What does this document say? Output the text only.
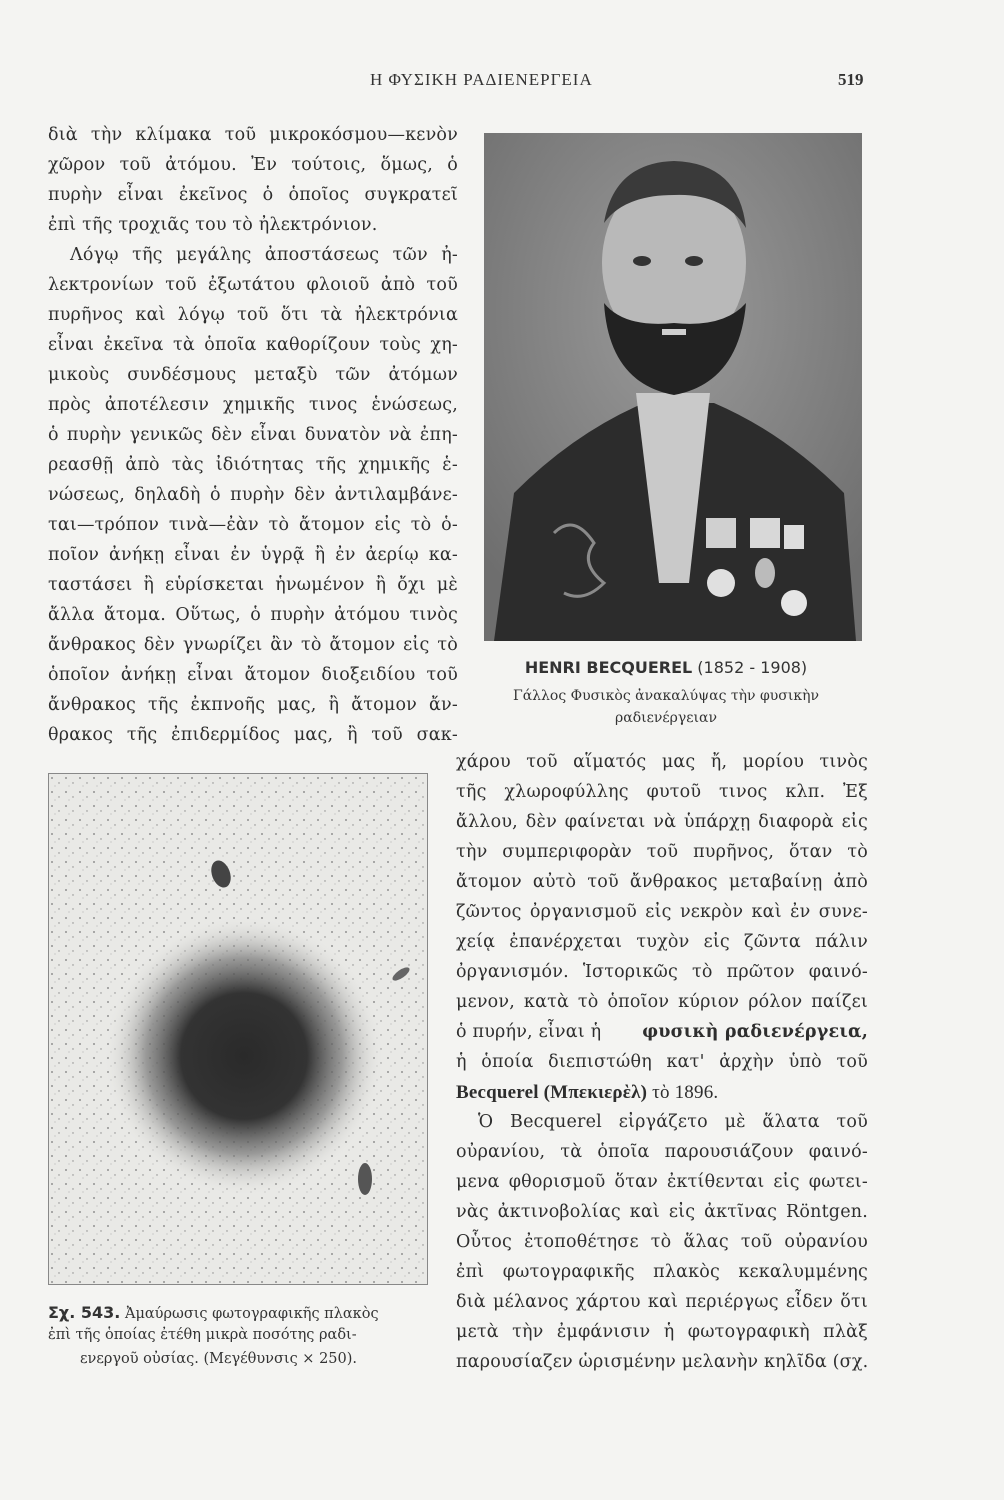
Η ΦΥΣΙΚΗ ΡΑΔΙΕΝΕΡΓΕΙΑ	519
διὰ τὴν κλίμακα τοῦ μικροκόσμου—κενὸν
χῶρον τοῦ ἀτόμου. Ἐν τούτοις, ὅμως, ὁ
πυρὴν εἶναι ἐκεῖνος ὁ ὁποῖος συγκρατεῖ
ἐπὶ τῆς τροχιᾶς του τὸ ἠλεκτρόνιον.
Λόγῳ τῆς μεγάλης ἀποστάσεως τῶν ἠ-
λεκτρονίων τοῦ ἐξωτάτου φλοιοῦ ἀπὸ τοῦ
πυρῆνος καὶ λόγῳ τοῦ ὅτι τὰ ἠλεκτρόνια
εἶναι ἐκεῖνα τὰ ὁποῖα καθορίζουν τοὺς χη-
μικοὺς συνδέσμους μεταξὺ τῶν ἀτόμων
πρὸς ἀποτέλεσιν χημικῆς τινος ἑνώσεως,
ὁ πυρὴν γενικῶς δὲν εἶναι δυνατὸν νὰ ἐπη-
ρεασθῇ ἀπὸ τὰς ἰδιότητας τῆς χημικῆς ἑ-
νώσεως, δηλαδὴ ὁ πυρὴν δὲν ἀντιλαμβάνε-
ται—τρόπον τινὰ—ἐὰν τὸ ἄτομον εἰς τὸ ὁ-
ποῖον ἀνήκῃ εἶναι ἐν ὑγρᾷ ἢ ἐν ἀερίῳ κα-
ταστάσει ἢ εὑρίσκεται ἡνωμένον ἢ ὄχι μὲ
ἄλλα ἄτομα. Οὕτως, ὁ πυρὴν ἀτόμου τινὸς
ἄνθρακος δὲν γνωρίζει ἂν τὸ ἄτομον εἰς τὸ
ὁποῖον ἀνήκῃ εἶναι ἄτομον διοξειδίου τοῦ
ἄνθρακος τῆς ἐκπνοῆς μας, ἢ ἄτομον ἄν-
θρακος τῆς ἐπιδερμίδος μας, ἢ τοῦ σακ-
HENRI BECQUEREL (1852 - 1908)
Γάλλος Φυσικὸς ἀνακαλύψας τὴν φυσικὴν
ραδιενέργειαν
χάρου τοῦ αἵματός μας ἤ, μορίου τινὸς
τῆς χλωροφύλλης φυτοῦ τινος κλπ. Ἐξ
ἄλλου, δὲν φαίνεται νὰ ὑπάρχῃ διαφορὰ εἰς
τὴν συμπεριφορὰν τοῦ πυρῆνος, ὅταν τὸ
ἄτομον αὐτὸ τοῦ ἄνθρακος μεταβαίνῃ ἀπὸ
ζῶντος ὀργανισμοῦ εἰς νεκρὸν καὶ ἐν συνε-
χείᾳ ἐπανέρχεται τυχὸν εἰς ζῶντα πάλιν
ὀργανισμόν. Ἱστορικῶς τὸ πρῶτον φαινό-
μενον, κατὰ τὸ ὁποῖον κύριον ρόλον παίζει
ὁ πυρήν, εἶναι ἡ φυσικὴ ραδιενέργεια,
ἡ ὁποία διεπιστώθη κατ' ἀρχὴν ὑπὸ τοῦ
Becquerel (Μπεκιερὲλ) τὸ 1896.
Ὁ Becquerel εἰργάζετο μὲ ἅλατα τοῦ
οὐρανίου, τὰ ὁποῖα παρουσιάζουν φαινό-
μενα φθορισμοῦ ὅταν ἐκτίθενται εἰς φωτει-
νὰς ἀκτινοβολίας καὶ εἰς ἀκτῖνας Röntgen.
Οὗτος ἐτοποθέτησε τὸ ἅλας τοῦ οὐρανίου
ἐπὶ φωτογραφικῆς πλακὸς κεκαλυμμένης
διὰ μέλανος χάρτου καὶ περιέργως εἶδεν ὅτι
μετὰ τὴν ἐμφάνισιν ἡ φωτογραφικὴ πλὰξ
παρουσίαζεν ὡρισμένην μελανὴν κηλῖδα (σχ.
Σχ. 543. Ἀμαύρωσις φωτογραφικῆς πλακὸς
ἐπὶ τῆς ὁποίας ἐτέθη μικρὰ ποσότης ραδι-
ενεργοῦ οὐσίας. (Μεγέθυνσις × 250).
